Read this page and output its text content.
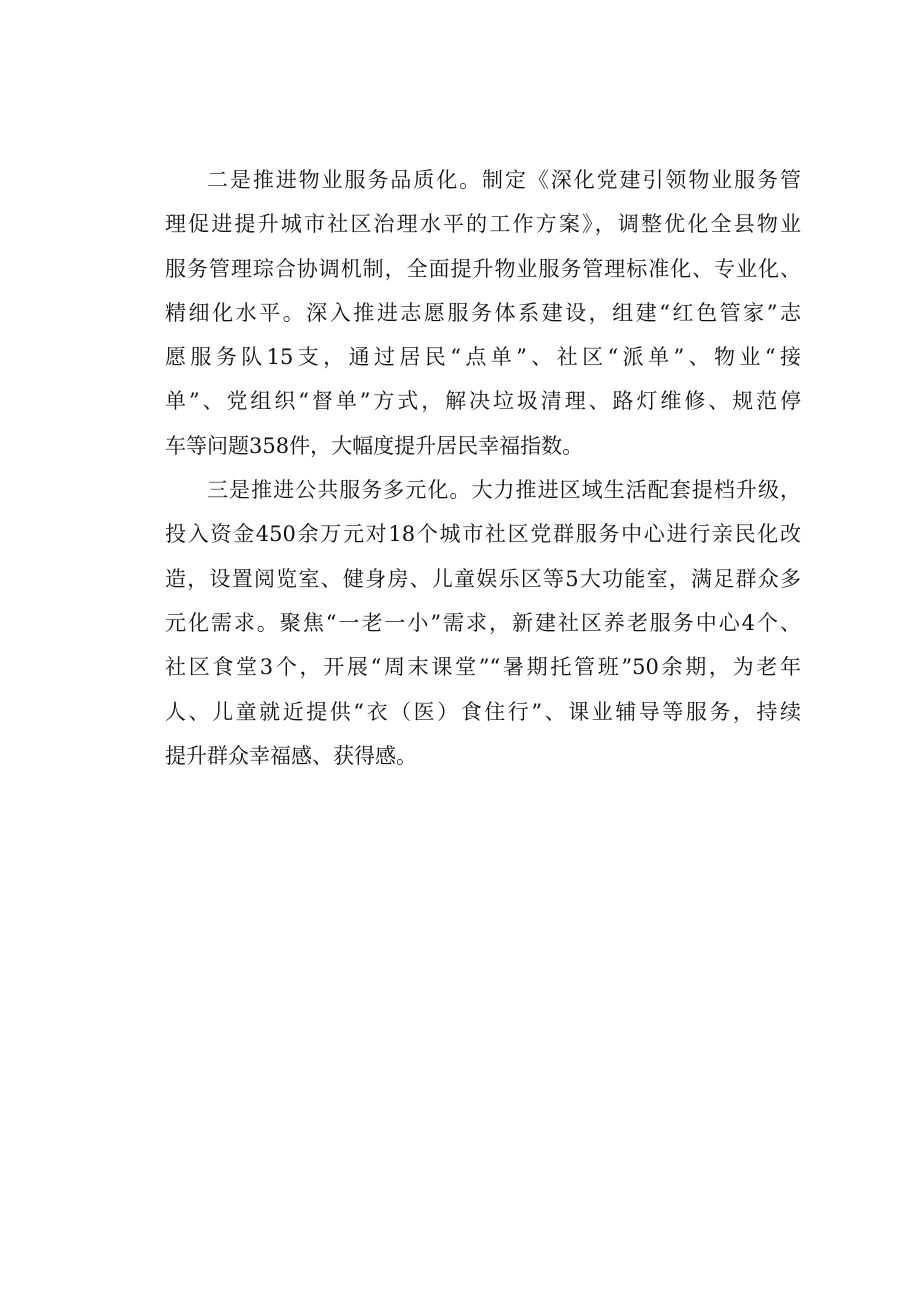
二是推进物业服务品质化。制定《深化党建引领物业服务管
理促进提升城市社区治理水平的工作方案》，调整优化全县物业
服务管理琮合协调机制，全面提升物业服务管理标准化、专业化、
精细化水平。深入推进志愿服务体系建设，组建“红色管家”志
愿服务队15支，通过居民“点单”、社区“派单”、物业“接
单”、党组织“督单”方式，解决垃圾清理、路灯维修、规范停
车等问题358件，大幅度提升居民幸福指数。
三是推进公共服务多元化。大力推进区域生活配套提档升级，
投入资金450余万元对18个城市社区党群服务中心进行亲民化改
造，设置阅览室、健身房、儿童娱乐区等5大功能室，满足群众多
元化需求。聚焦“一老一小”需求，新建社区养老服务中心4个、
社区食堂3个，开展“周末课堂”“暑期托管班”50余期，为老年
人、儿童就近提供“衣（医）食住行”、课业辅导等服务，持续
提升群众幸福感、获得感。
